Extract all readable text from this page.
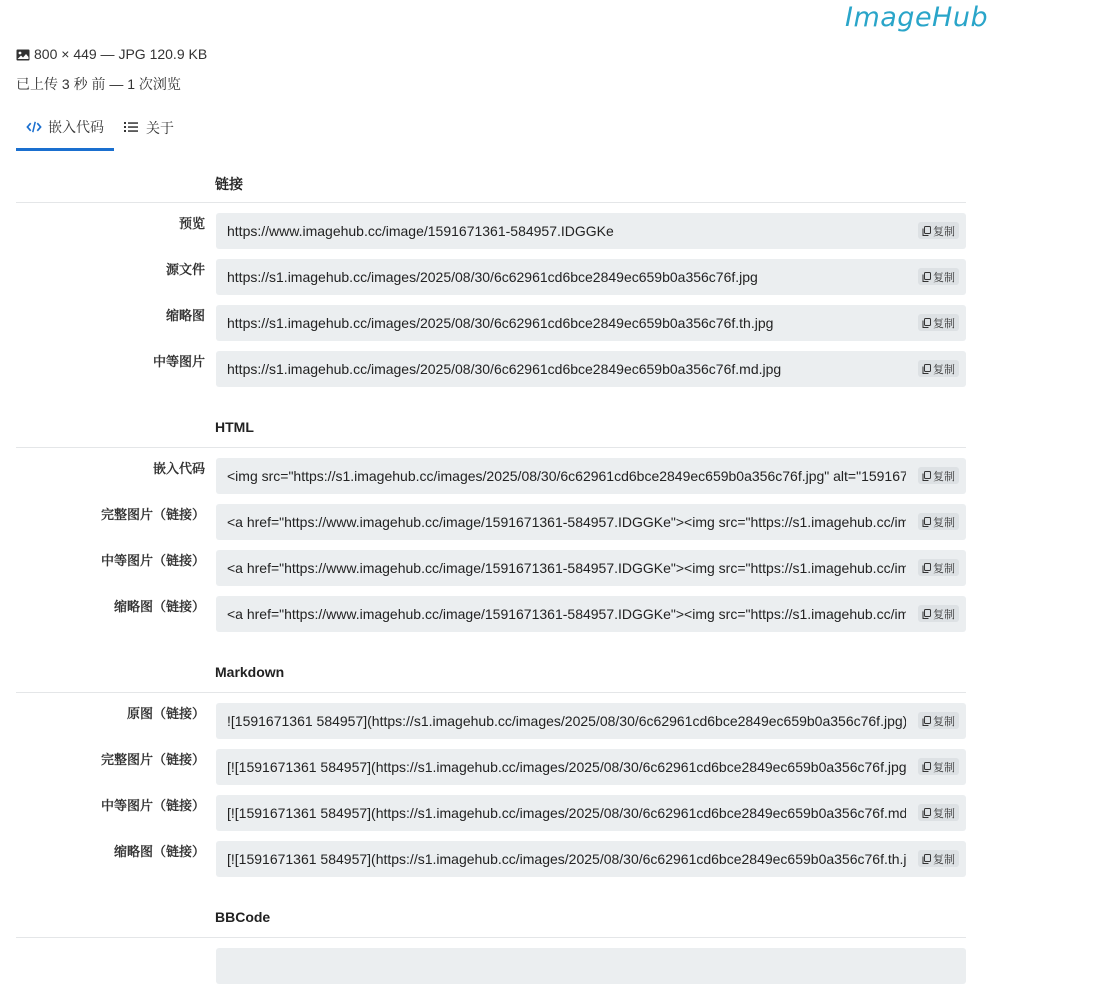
ImageHub
800 × 449 — JPG 120.9 KB
已上传 3 秒 前 — 1 次浏览
嵌入代码	关于
链接
预览
https://www.imagehub.cc/image/1591671361-584957.IDGGKe
复制
源文件
https://s1.imagehub.cc/images/2025/08/30/6c62961cd6bce2849ec659b0a356c76f.jpg
复制
缩略图
https://s1.imagehub.cc/images/2025/08/30/6c62961cd6bce2849ec659b0a356c76f.th.jpg
复制
中等图片
https://s1.imagehub.cc/images/2025/08/30/6c62961cd6bce2849ec659b0a356c76f.md.jpg
复制
HTML
嵌入代码
<img src="https://s1.imagehub.cc/images/2025/08/30/6c62961cd6bce2849ec659b0a356c76f.jpg" alt="1591671
复制
完整图片（链接）
<a href="https://www.imagehub.cc/image/1591671361-584957.IDGGKe"><img src="https://s1.imagehub.cc/ima
复制
中等图片（链接）
<a href="https://www.imagehub.cc/image/1591671361-584957.IDGGKe"><img src="https://s1.imagehub.cc/ima
复制
缩略图（链接）
<a href="https://www.imagehub.cc/image/1591671361-584957.IDGGKe"><img src="https://s1.imagehub.cc/ima
复制
Markdown
原图（链接）
![1591671361 584957](https://s1.imagehub.cc/images/2025/08/30/6c62961cd6bce2849ec659b0a356c76f.jpg)
复制
完整图片（链接）
[![1591671361 584957](https://s1.imagehub.cc/images/2025/08/30/6c62961cd6bce2849ec659b0a356c76f.jpg)
复制
中等图片（链接）
[![1591671361 584957](https://s1.imagehub.cc/images/2025/08/30/6c62961cd6bce2849ec659b0a356c76f.md.j
复制
缩略图（链接）
[![1591671361 584957](https://s1.imagehub.cc/images/2025/08/30/6c62961cd6bce2849ec659b0a356c76f.th.jp
复制
BBCode
